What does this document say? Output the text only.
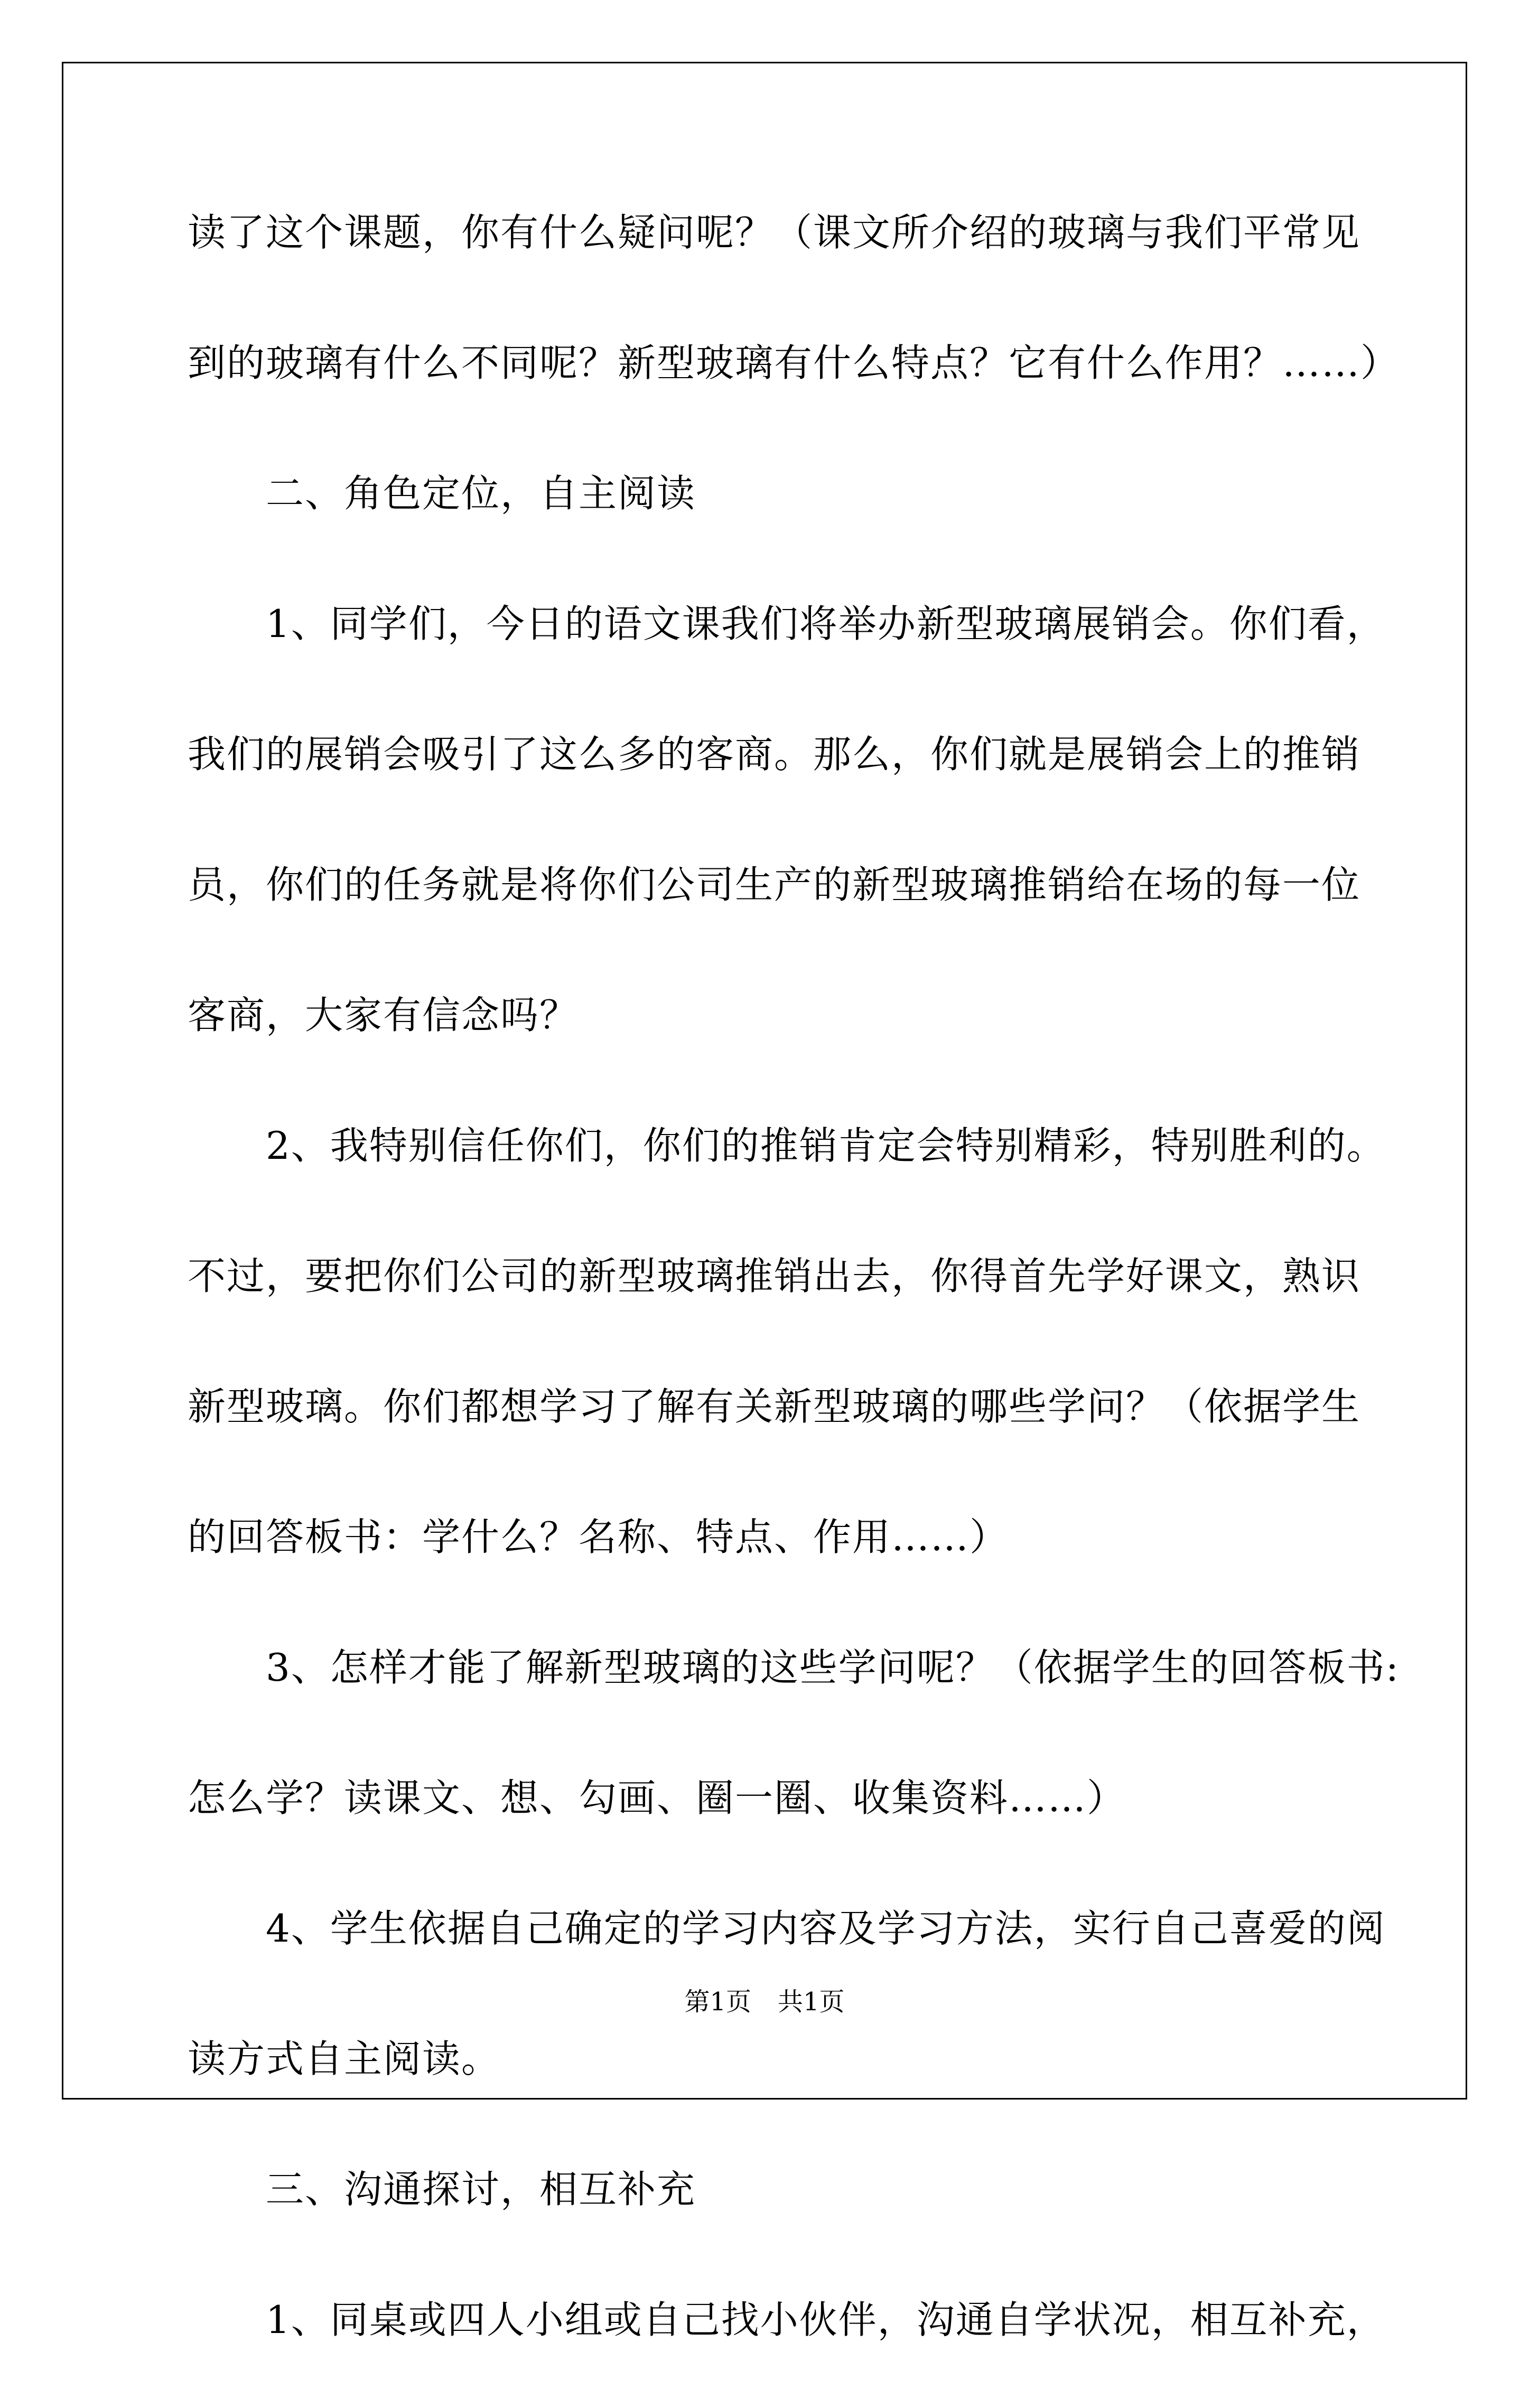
读了这个课题，你有什么疑问呢？（课文所介绍的玻璃与我们平常见
到的玻璃有什么不同呢？新型玻璃有什么特点？它有什么作用？……）
二、角色定位，自主阅读
1、同学们，今日的语文课我们将举办新型玻璃展销会。你们看，
我们的展销会吸引了这么多的客商。那么，你们就是展销会上的推销
员，你们的任务就是将你们公司生产的新型玻璃推销给在场的每一位
客商，大家有信念吗？
2、我特别信任你们，你们的推销肯定会特别精彩，特别胜利的。
不过，要把你们公司的新型玻璃推销出去，你得首先学好课文，熟识
新型玻璃。你们都想学习了解有关新型玻璃的哪些学问？（依据学生
的回答板书：学什么？名称、特点、作用……）
3、怎样才能了解新型玻璃的这些学问呢？（依据学生的回答板书:
怎么学？读课文、想、勾画、圈一圈、收集资料……）
4、学生依据自己确定的学习内容及学习方法，实行自己喜爱的阅
读方式自主阅读。
三、沟通探讨，相互补充
1、同桌或四人小组或自己找小伙伴，沟通自学状况，相互补充，
第1页 共1页
